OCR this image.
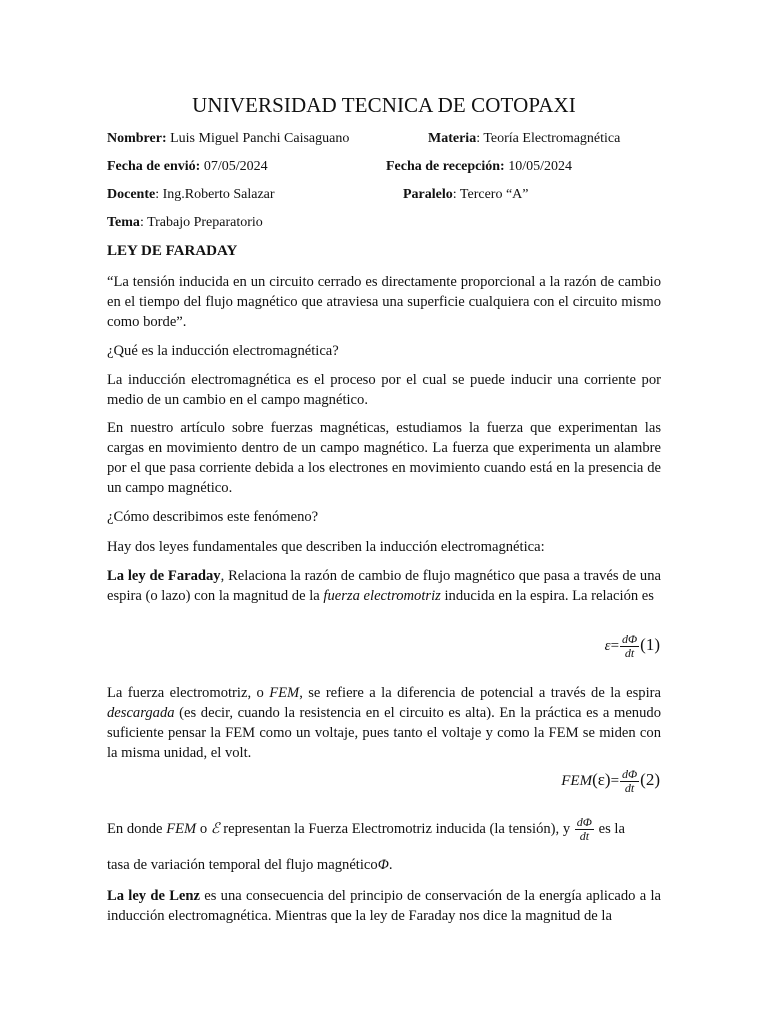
UNIVERSIDAD TECNICA DE COTOPAXI
Nombrer: Luis Miguel Panchi Caisaguano	Materia: Teoría Electromagnética
Fecha de envió: 07/05/2024	Fecha de recepción: 10/05/2024
Docente: Ing.Roberto Salazar	Paralelo: Tercero “A”
Tema: Trabajo Preparatorio
LEY DE FARADAY
“La tensión inducida en un circuito cerrado es directamente proporcional a la razón de cambio en el tiempo del flujo magnético que atraviesa una superficie cualquiera con el circuito mismo como borde”.
¿Qué es la inducción electromagnética?
La inducción electromagnética es el proceso por el cual se puede inducir una corriente por medio de un cambio en el campo magnético.
En nuestro artículo sobre fuerzas magnéticas, estudiamos la fuerza que experimentan las cargas en movimiento dentro de un campo magnético. La fuerza que experimenta un alambre por el que pasa corriente debida a los electrones en movimiento cuando está en la presencia de un campo magnético.
¿Cómo describimos este fenómeno?
Hay dos leyes fundamentales que describen la inducción electromagnética:
La ley de Faraday, Relaciona la razón de cambio de flujo magnético que pasa a través de una espira (o lazo) con la magnitud de la fuerza electromotriz inducida en la espira. La relación es
$\varepsilon= \frac{d\Phi}{dt} (1)$
La fuerza electromotriz, o FEM, se refiere a la diferencia de potencial a través de la espira descargada (es decir, cuando la resistencia en el circuito es alta). En la práctica es a menudo suficiente pensar la FEM como un voltaje, pues tanto el voltaje y como la FEM se miden con la misma unidad, el volt.
$FEM(\varepsilon)= \frac{d\Phi}{dt} (2)$
En donde FEM o ℰ representan la Fuerza Electromotriz inducida (la tensión), y $\frac{d\Phi}{dt}$ es la
tasa de variación temporal del flujo magnéticoΦ.
La ley de Lenz es una consecuencia del principio de conservación de la energía aplicado a la inducción electromagnética. Mientras que la ley de Faraday nos dice la magnitud de la
